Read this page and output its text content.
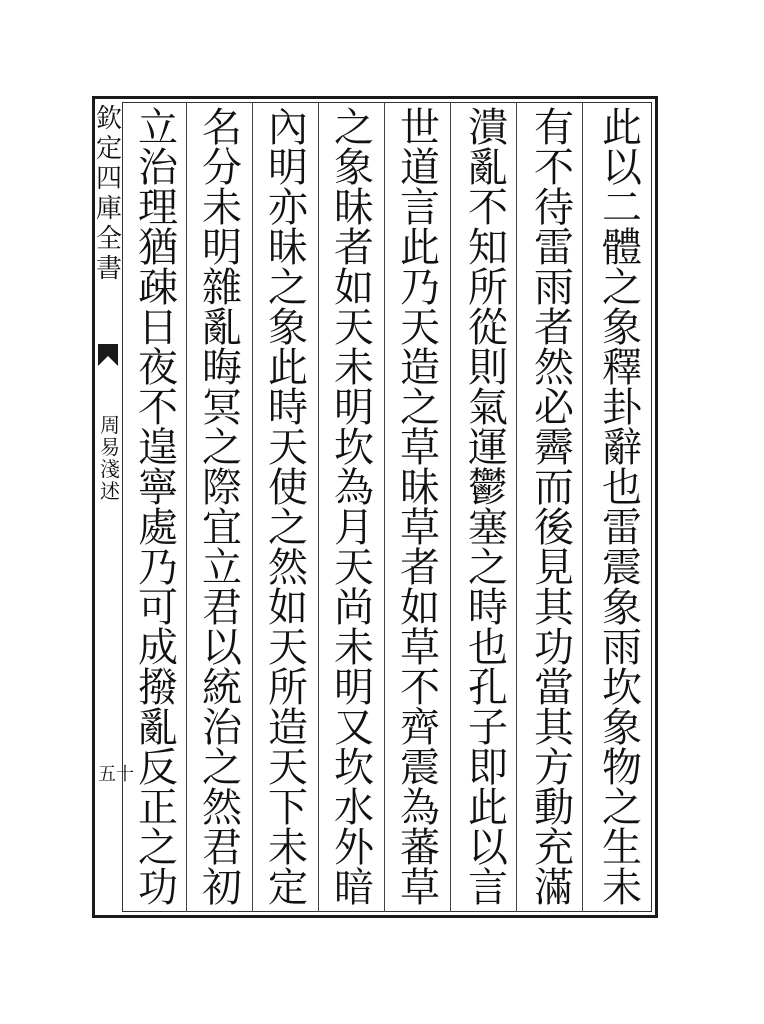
欽
定
四
庫
全
書
周
易
淺
述
五十
此
以
二
體
之
象
釋
卦
辭
也
雷
震
象
雨
坎
象
物
之
生
未
有
不
待
雷
雨
者
然
必
霽
而
後
見
其
功
當
其
方
動
充
滿
潰
亂
不
知
所
從
則
氣
運
鬱
塞
之
時
也
孔
子
即
此
以
言
世
道
言
此
乃
天
造
之
草
昧
草
者
如
草
不
齊
震
為
蕃
草
之
象
昧
者
如
天
未
明
坎
為
月
天
尚
未
明
又
坎
水
外
暗
內
明
亦
昧
之
象
此
時
天
使
之
然
如
天
所
造
天
下
未
定
名
分
未
明
雜
亂
晦
冥
之
際
宜
立
君
以
統
治
之
然
君
初
立
治
理
猶
疎
日
夜
不
遑
寧
處
乃
可
成
撥
亂
反
正
之
功
